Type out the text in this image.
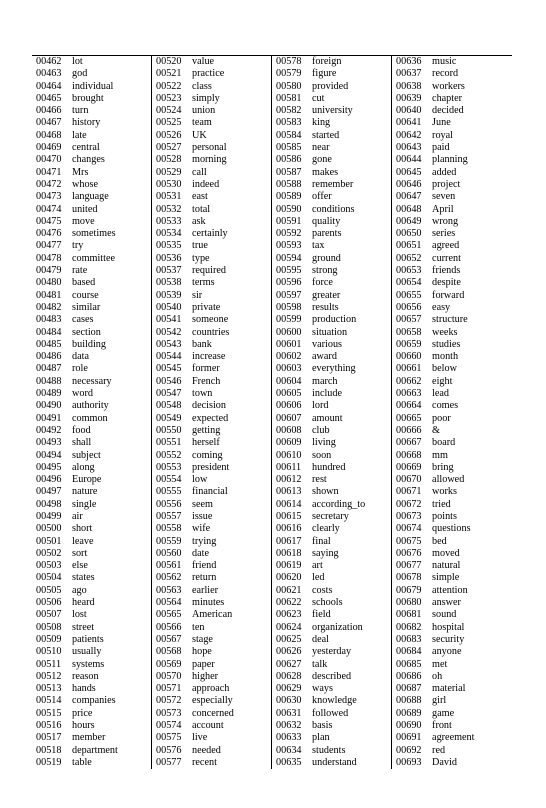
00462	lot
00463	god
00464	individual
00465	brought
00466	turn
00467	history
00468	late
00469	central
00470	changes
00471	Mrs
00472	whose
00473	language
00474	united
00475	move
00476	sometimes
00477	try
00478	committee
00479	rate
00480	based
00481	course
00482	similar
00483	cases
00484	section
00485	building
00486	data
00487	role
00488	necessary
00489	word
00490	authority
00491	common
00492	food
00493	shall
00494	subject
00495	along
00496	Europe
00497	nature
00498	single
00499	air
00500	short
00501	leave
00502	sort
00503	else
00504	states
00505	ago
00506	heard
00507	lost
00508	street
00509	patients
00510	usually
00511	systems
00512	reason
00513	hands
00514	companies
00515	price
00516	hours
00517	member
00518	department
00519	table
00520	value
00521	practice
00522	class
00523	simply
00524	union
00525	team
00526	UK
00527	personal
00528	morning
00529	call
00530	indeed
00531	east
00532	total
00533	ask
00534	certainly
00535	true
00536	type
00537	required
00538	terms
00539	sir
00540	private
00541	someone
00542	countries
00543	bank
00544	increase
00545	former
00546	French
00547	town
00548	decision
00549	expected
00550	getting
00551	herself
00552	coming
00553	president
00554	low
00555	financial
00556	seem
00557	issue
00558	wife
00559	trying
00560	date
00561	friend
00562	return
00563	earlier
00564	minutes
00565	American
00566	ten
00567	stage
00568	hope
00569	paper
00570	higher
00571	approach
00572	especially
00573	concerned
00574	account
00575	live
00576	needed
00577	recent
00578	foreign
00579	figure
00580	provided
00581	cut
00582	university
00583	king
00584	started
00585	near
00586	gone
00587	makes
00588	remember
00589	offer
00590	conditions
00591	quality
00592	parents
00593	tax
00594	ground
00595	strong
00596	force
00597	greater
00598	results
00599	production
00600	situation
00601	various
00602	award
00603	everything
00604	march
00605	include
00606	lord
00607	amount
00608	club
00609	living
00610	soon
00611	hundred
00612	rest
00613	shown
00614	according_to
00615	secretary
00616	clearly
00617	final
00618	saying
00619	art
00620	led
00621	costs
00622	schools
00623	field
00624	organization
00625	deal
00626	yesterday
00627	talk
00628	described
00629	ways
00630	knowledge
00631	followed
00632	basis
00633	plan
00634	students
00635	understand
00636	music
00637	record
00638	workers
00639	chapter
00640	decided
00641	June
00642	royal
00643	paid
00644	planning
00645	added
00646	project
00647	seven
00648	April
00649	wrong
00650	series
00651	agreed
00652	current
00653	friends
00654	despite
00655	forward
00656	easy
00657	structure
00658	weeks
00659	studies
00660	month
00661	below
00662	eight
00663	lead
00664	comes
00665	poor
00666	&
00667	board
00668	mm
00669	bring
00670	allowed
00671	works
00672	tried
00673	points
00674	questions
00675	bed
00676	moved
00677	natural
00678	simple
00679	attention
00680	answer
00681	sound
00682	hospital
00683	security
00684	anyone
00685	met
00686	oh
00687	material
00688	girl
00689	game
00690	front
00691	agreement
00692	red
00693	David
